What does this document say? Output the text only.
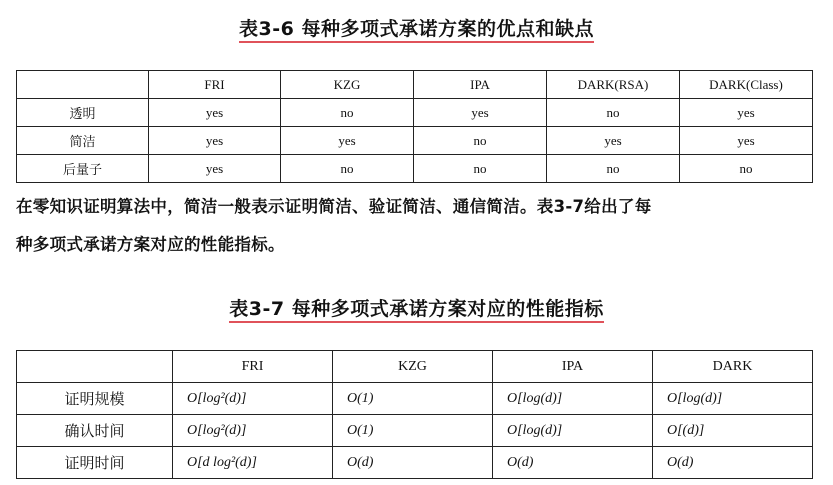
表3-6 每种多项式承诺方案的优点和缺点
	FRI	KZG	IPA	DARK(RSA)	DARK(Class)
透明	yes	no	yes	no	yes
简洁	yes	yes	no	yes	yes
后量子	yes	no	no	no	no
在零知识证明算法中，简洁一般表示证明简洁、验证简洁、通信简洁。表3-7给出了每
种多项式承诺方案对应的性能指标。
表3-7 每种多项式承诺方案对应的性能指标
	FRI	KZG	IPA	DARK
证明规模	O[log²(d)]	O(1)	O[log(d)]	O[log(d)]
确认时间	O[log²(d)]	O(1)	O[log(d)]	O[(d)]
证明时间	O[d log²(d)]	O(d)	O(d)	O(d)
